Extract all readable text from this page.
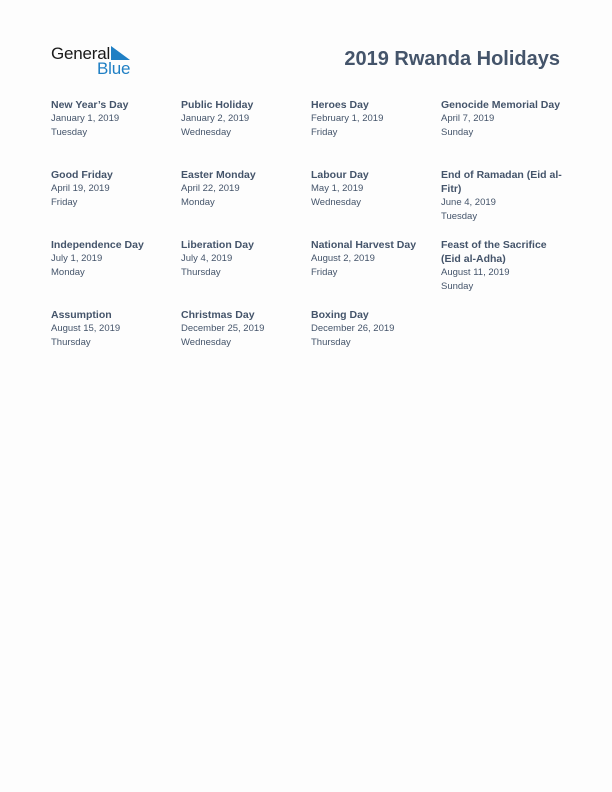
General
Blue	2019 Rwanda Holidays
New Year’s Day
January 1, 2019
Tuesday
Public Holiday
January 2, 2019
Wednesday
Heroes Day
February 1, 2019
Friday
Genocide Memorial Day
April 7, 2019
Sunday
Good Friday
April 19, 2019
Friday
Easter Monday
April 22, 2019
Monday
Labour Day
May 1, 2019
Wednesday
End of Ramadan (Eid al-Fitr)
June 4, 2019
Tuesday
Independence Day
July 1, 2019
Monday
Liberation Day
July 4, 2019
Thursday
National Harvest Day
August 2, 2019
Friday
Feast of the Sacrifice (Eid al-Adha)
August 11, 2019
Sunday
Assumption
August 15, 2019
Thursday
Christmas Day
December 25, 2019
Wednesday
Boxing Day
December 26, 2019
Thursday
